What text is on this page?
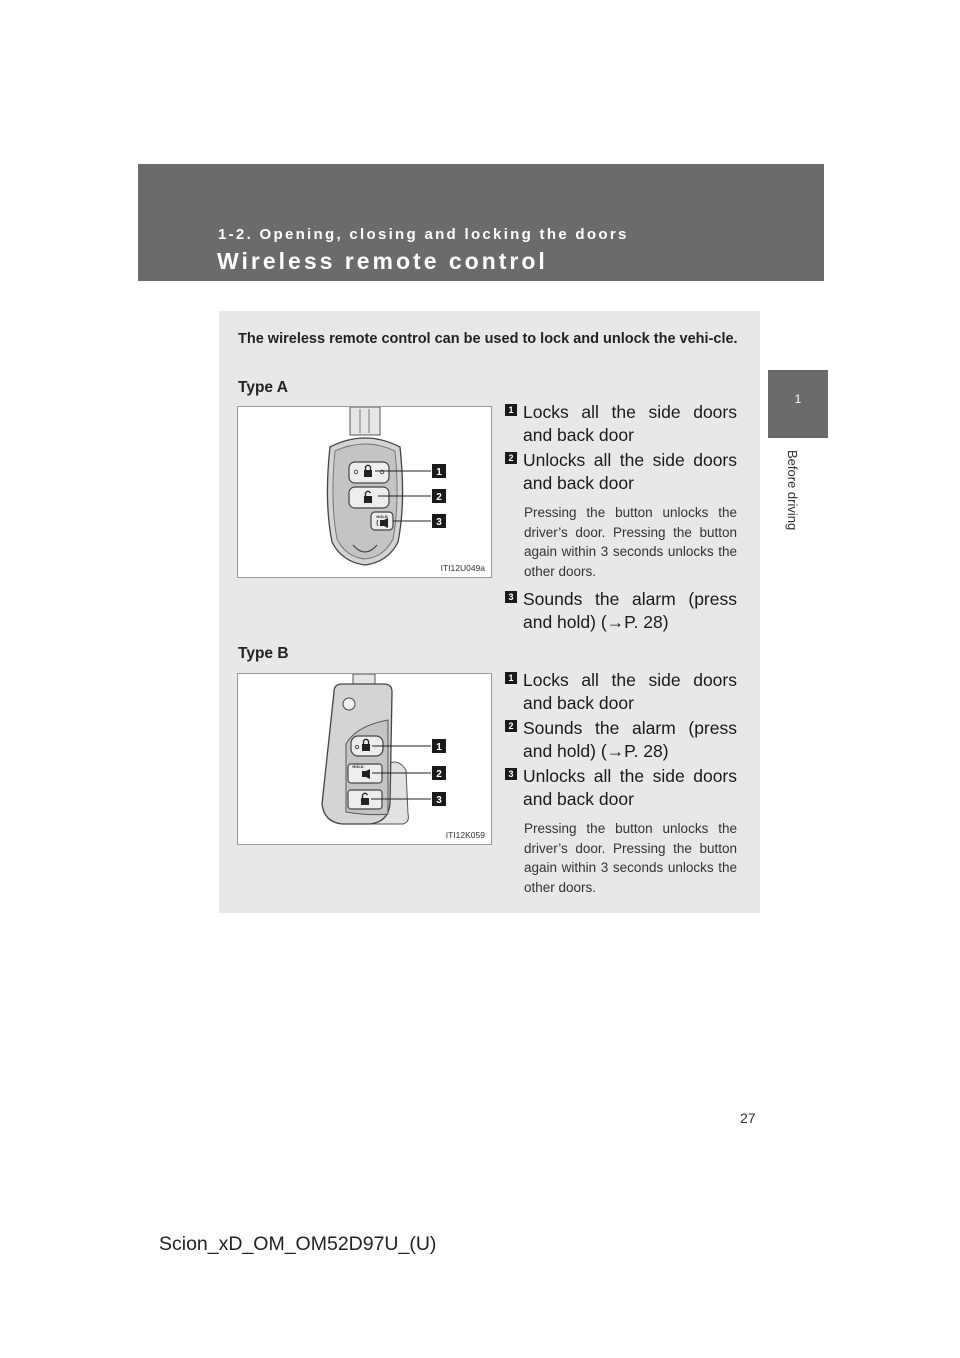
1-2. Opening, closing and locking the doors
Wireless remote control
1
Before driving
The wireless remote control can be used to lock and unlock the vehi-cle.
Type A
HOLD
1
2
3
ITI12U049a
1 Locks all the side doors and back door
2 Unlocks all the side doors and back door
Pressing the button unlocks the driver’s door. Pressing the button again within 3 seconds unlocks the other doors.
3 Sounds the alarm (press and hold) (→P. 28)
Type B
HOLD
1
2
3
ITI12K059
1 Locks all the side doors and back door
2 Sounds the alarm (press and hold) (→P. 28)
3 Unlocks all the side doors and back door
Pressing the button unlocks the driver’s door. Pressing the button again within 3 seconds unlocks the other doors.
27
Scion_xD_OM_OM52D97U_(U)
